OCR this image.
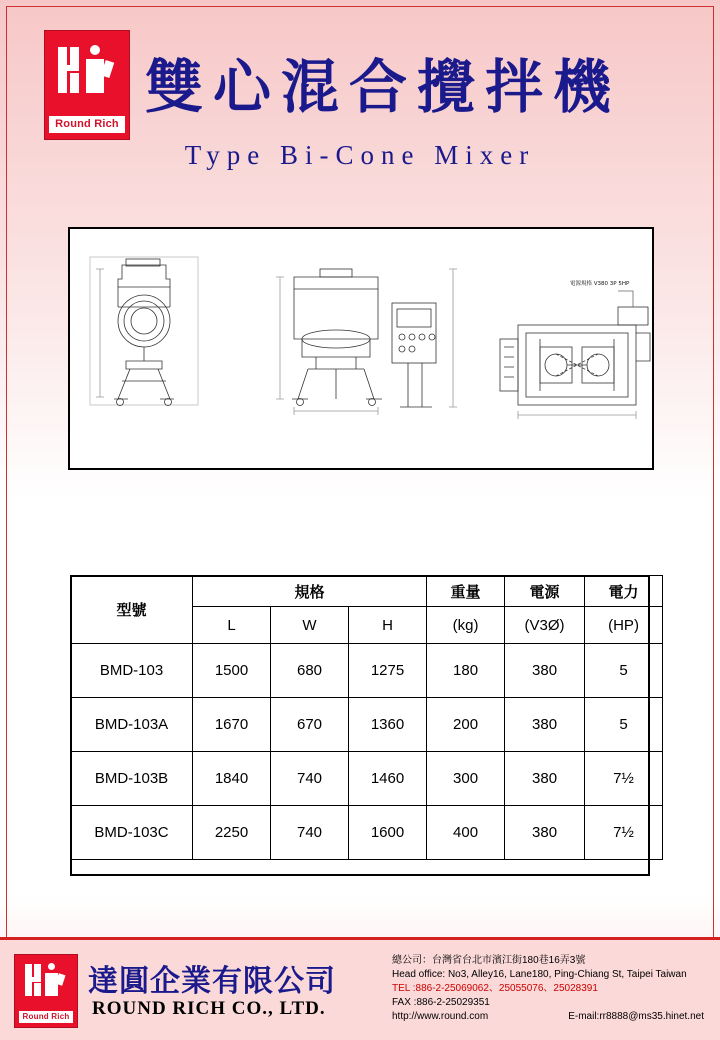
Round Rich
雙心混合攪拌機
Type Bi-Cone Mixer
電源規格 V380 3P 5HP
型號	規格			重量	電源	電力
	L	W	H	(kg)	(V3Ø)	(HP)
BMD-103	1500	680	1275	180	380	5
BMD-103A	1670	670	1360	200	380	5
BMD-103B	1840	740	1460	300	380	7½
BMD-103C	2250	740	1600	400	380	7½
Round Rich
達圓企業有限公司
ROUND RICH CO., LTD.
總公司：台灣省台北市濱江街180巷16弄3號
Head office: No3, Alley16, Lane180, Ping-Chiang St, Taipei Taiwan
TEL :886-2-25069062、25055076、25028391
FAX :886-2-25029351
http://www.round.com	E-mail:rr8888@ms35.hinet.net
